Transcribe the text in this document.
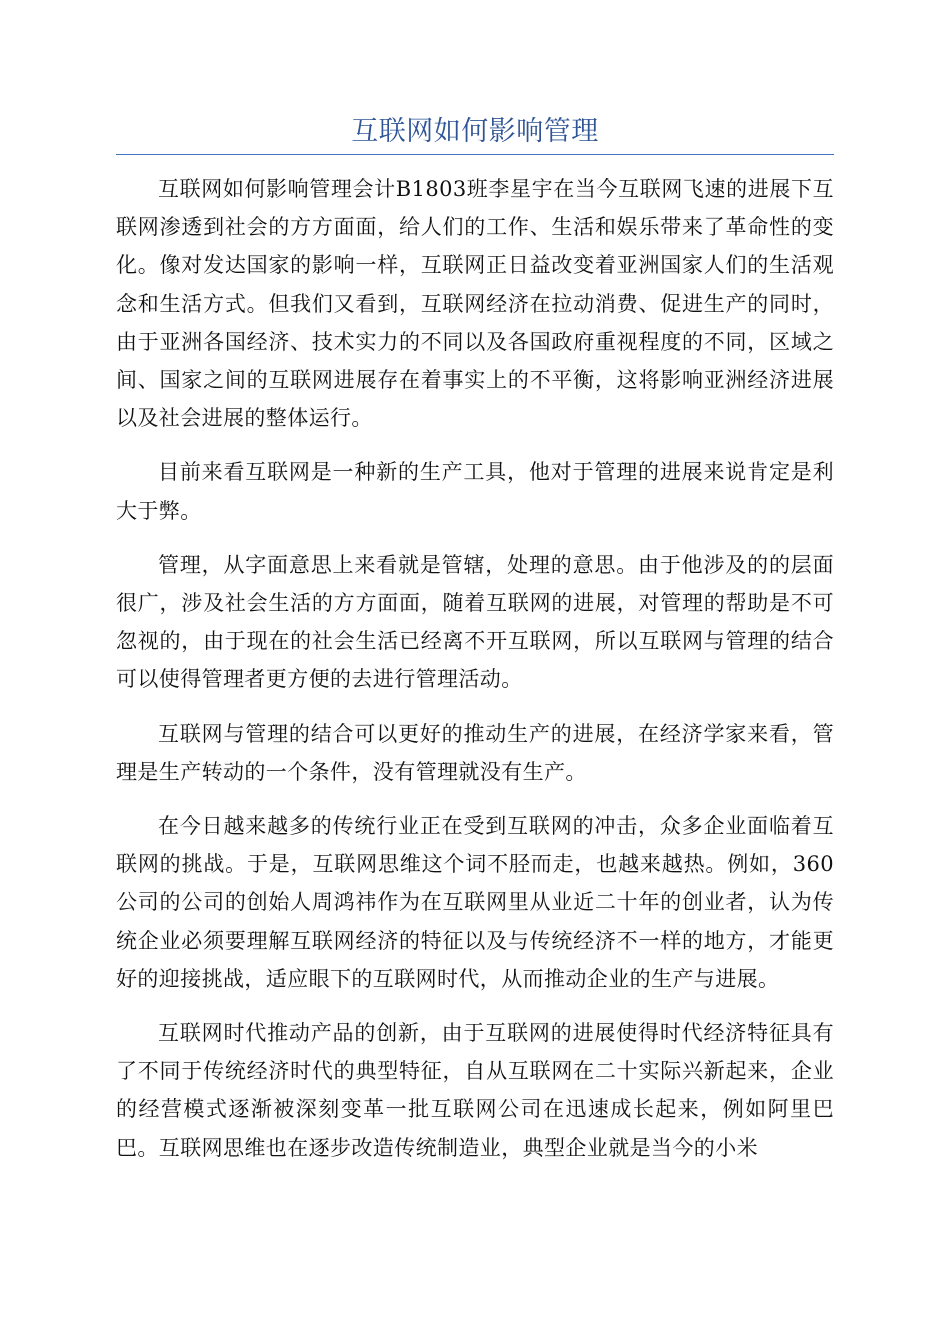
互联网如何影响管理

互联网如何影响管理会计B1803班李星宇在当今互联网飞速的进展下互联网渗透到社会的方方面面，给人们的工作、生活和娱乐带来了革命性的变化。像对发达国家的影响一样，互联网正日益改变着亚洲国家人们的生活观念和生活方式。但我们又看到，互联网经济在拉动消费、促进生产的同时，由于亚洲各国经济、技术实力的不同以及各国政府重视程度的不同，区域之间、国家之间的互联网进展存在着事实上的不平衡，这将影响亚洲经济进展以及社会进展的整体运行。

目前来看互联网是一种新的生产工具，他对于管理的进展来说肯定是利大于弊。

管理，从字面意思上来看就是管辖，处理的意思。由于他涉及的的层面很广，涉及社会生活的方方面面，随着互联网的进展，对管理的帮助是不可忽视的，由于现在的社会生活已经离不开互联网，所以互联网与管理的结合可以使得管理者更方便的去进行管理活动。

互联网与管理的结合可以更好的推动生产的进展，在经济学家来看，管理是生产转动的一个条件，没有管理就没有生产。

在今日越来越多的传统行业正在受到互联网的冲击，众多企业面临着互联网的挑战。于是，互联网思维这个词不胫而走，也越来越热。例如，360公司的公司的创始人周鸿祎作为在互联网里从业近二十年的创业者，认为传统企业必须要理解互联网经济的特征以及与传统经济不一样的地方，才能更好的迎接挑战，适应眼下的互联网时代，从而推动企业的生产与进展。

互联网时代推动产品的创新，由于互联网的进展使得时代经济特征具有了不同于传统经济时代的典型特征，自从互联网在二十实际兴新起来，企业的经营模式逐渐被深刻变革一批互联网公司在迅速成长起来，例如阿里巴巴。互联网思维也在逐步改造传统制造业，典型企业就是当今的小米
